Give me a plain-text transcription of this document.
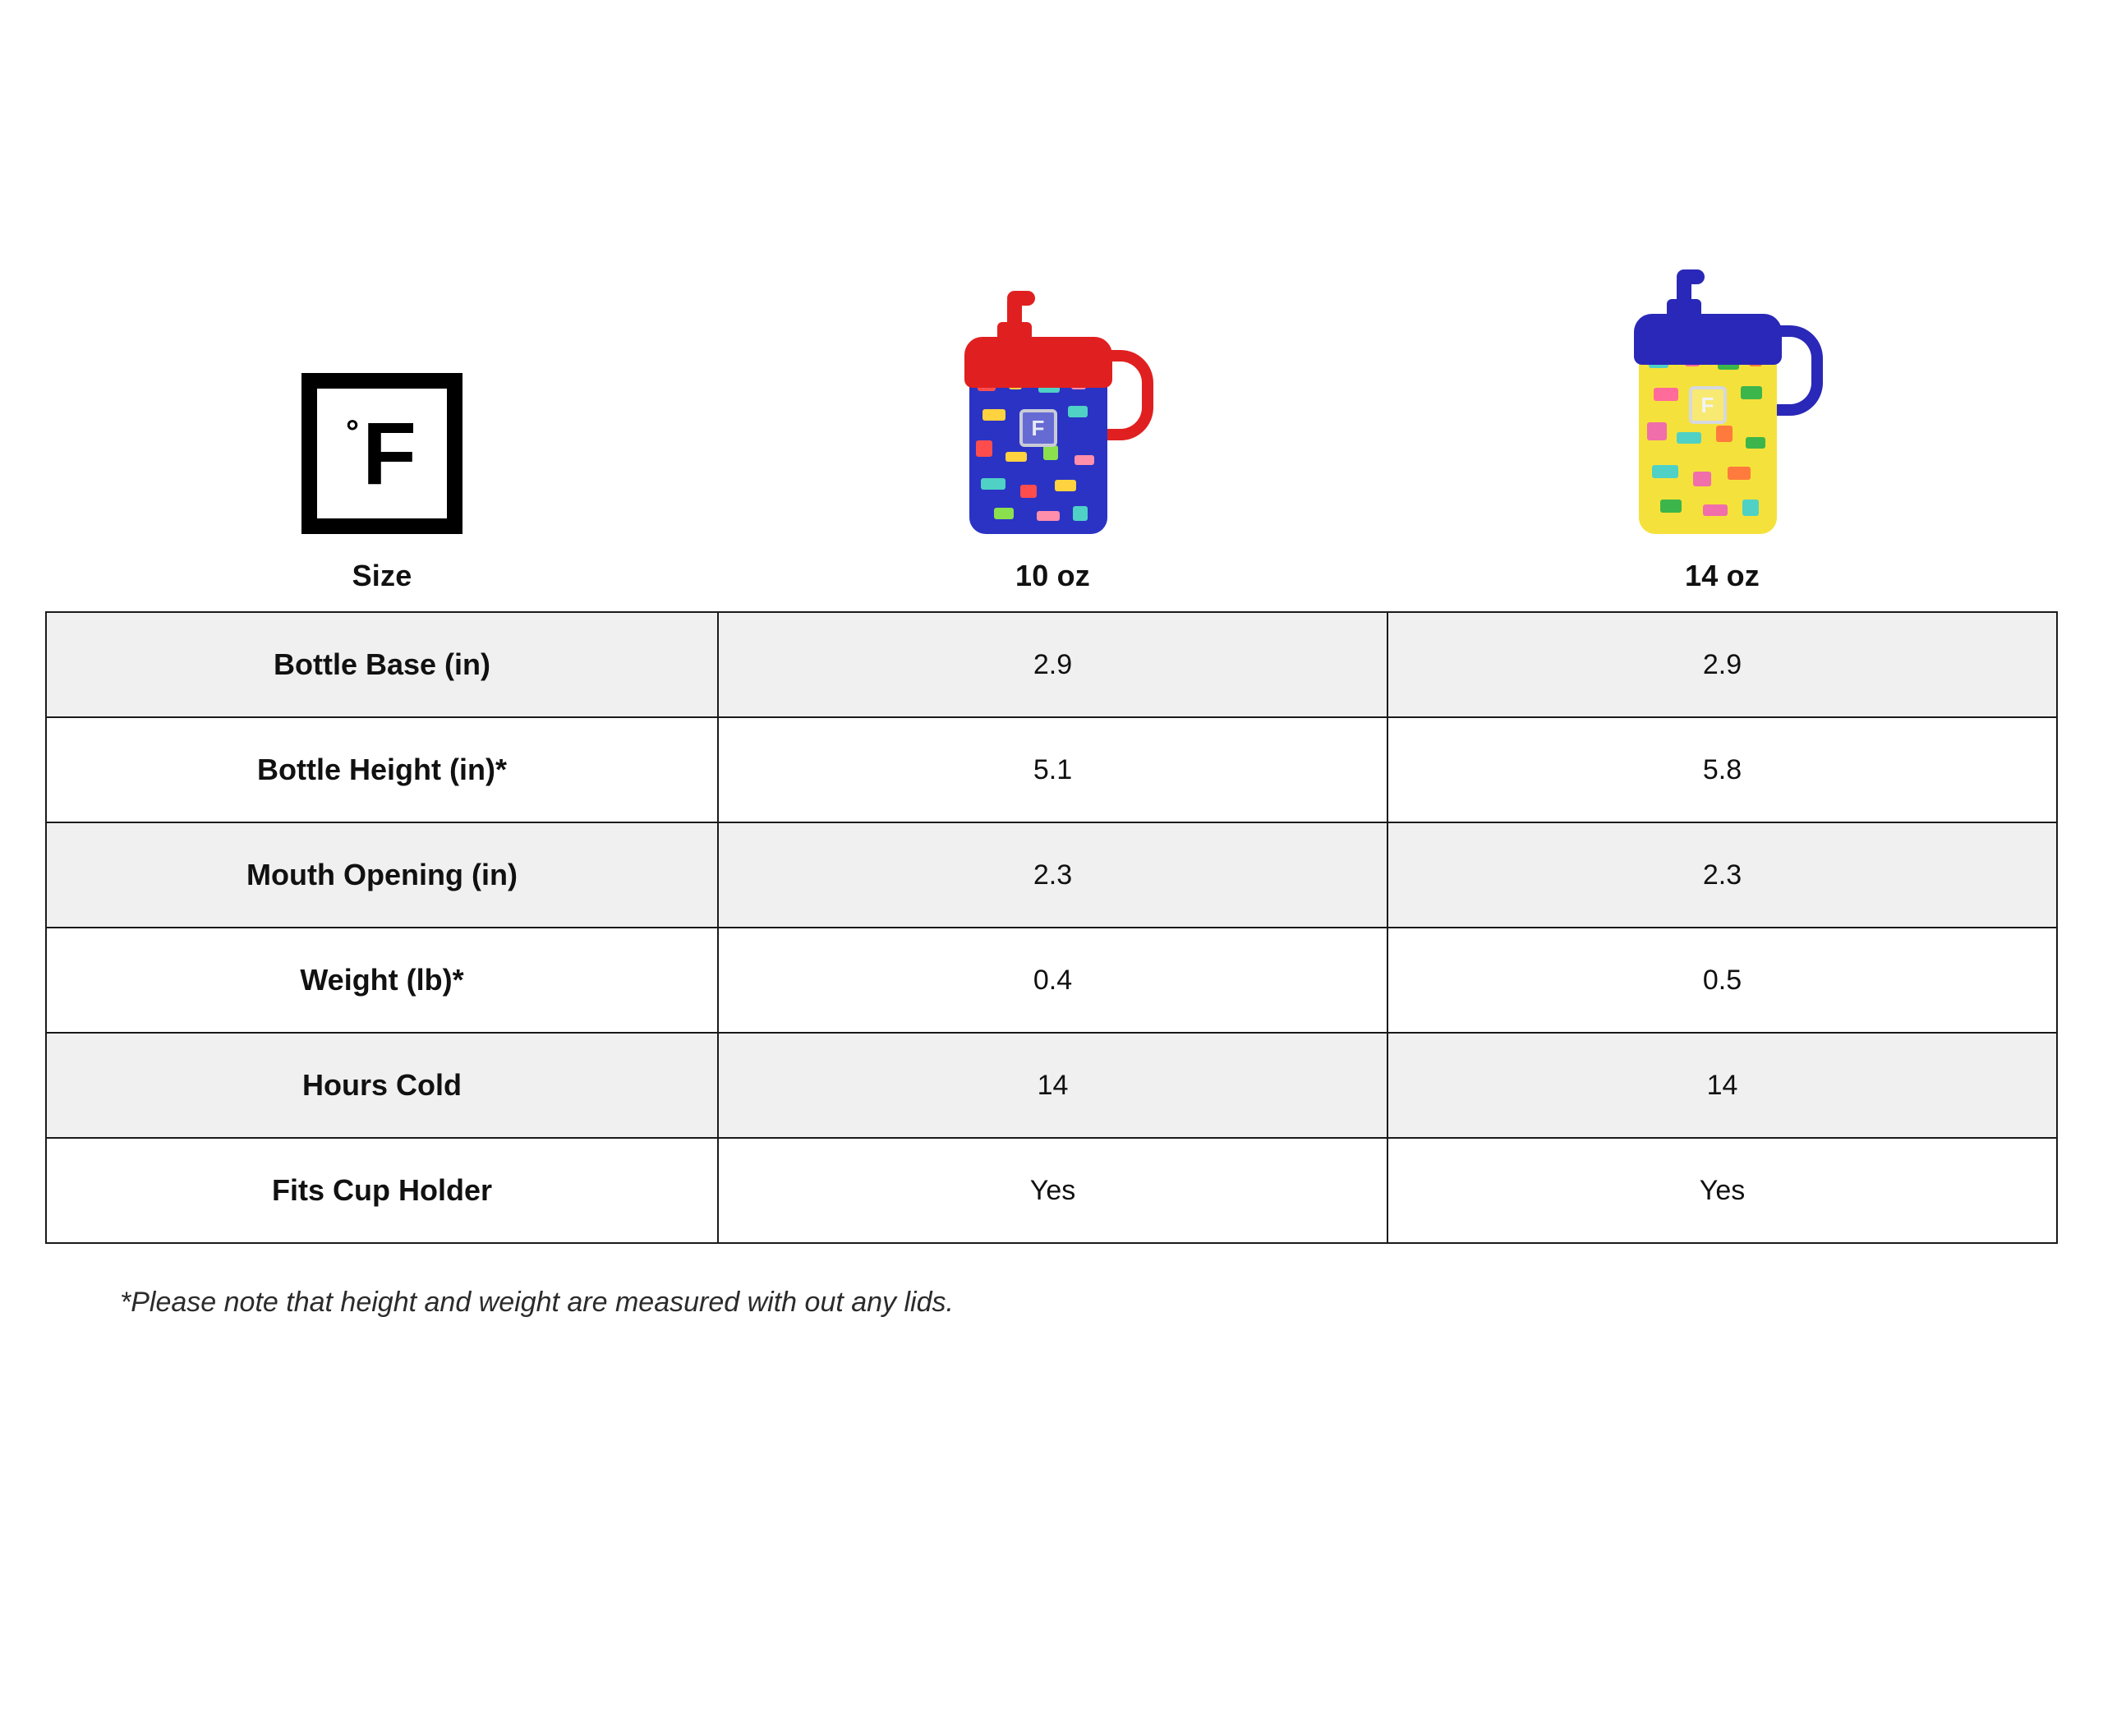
° F
Size
F
10 oz
F
14 oz
Bottle Base (in)	2.9	2.9
Bottle Height (in)*	5.1	5.8
Mouth Opening (in)	2.3	2.3
Weight (lb)*	0.4	0.5
Hours Cold	14	14
Fits Cup Holder	Yes	Yes
*Please note that height and weight are measured with out any lids.
